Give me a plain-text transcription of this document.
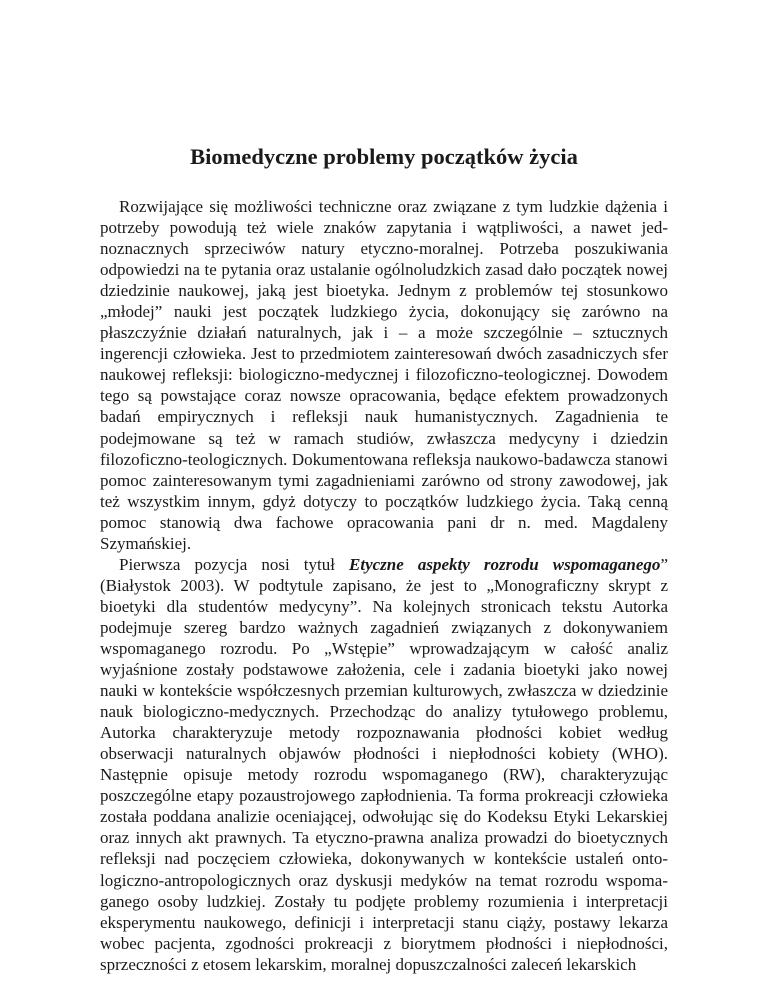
Biomedyczne problemy początków życia

Rozwijające się możliwości techniczne oraz związane z tym ludzkie dążenia i potrzeby powodują też wiele znaków zapytania i wątpliwości, a nawet jednoznacznych sprzeciwów natury etyczno-moralnej. Potrzeba poszukiwania odpowiedzi na te pytania oraz ustalanie ogólnoludzkich zasad dało początek nowej dziedzinie naukowej, jaką jest bioetyka. Jednym z problemów tej stosunkowo „młodej” nauki jest początek ludzkiego życia, dokonujący się zarówno na płaszczyźnie działań naturalnych, jak i – a może szczególnie – sztucznych ingerencji człowieka. Jest to przedmiotem zainteresowań dwóch zasadniczych sfer naukowej refleksji: biologiczno-medycznej i filozoficzno-teologicznej. Dowodem tego są powstające coraz nowsze opracowania, będące efektem prowadzonych badań empirycznych i refleksji nauk humanistycznych. Zagadnienia te podejmowane są też w ramach studiów, zwłaszcza medycyny i dziedzin filozoficzno-teologicznych. Dokumentowana refleksja naukowo-badawcza stanowi pomoc zainteresowanym tymi zagadnieniami zarówno od strony zawodowej, jak też wszystkim innym, gdyż dotyczy to początków ludzkiego życia. Taką cenną pomoc stanowią dwa fachowe opracowania pani dr n. med. Magdaleny Szymańskiej.

Pierwsza pozycja nosi tytuł Etyczne aspekty rozrodu wspomaganego” (Białystok 2003). W podtytule zapisano, że jest to „Monograficzny skrypt z bioetyki dla studentów medycyny”. Na kolejnych stronicach tekstu Autorka podejmuje szereg bardzo ważnych zagadnień związanych z dokonywaniem wspomaganego rozrodu. Po „Wstępie” wprowadzającym w całość analiz wyjaśnione zostały podstawowe założenia, cele i zadania bioetyki jako nowej nauki w kontekście współczesnych przemian kulturowych, zwłaszcza w dziedzinie nauk biologiczno-medycznych. Przechodząc do analizy tytułowego problemu, Autorka charakteryzuje metody rozpoznawania płodności kobiet według obserwacji naturalnych objawów płodności i niepłodności kobiety (WHO). Następnie opisuje metody rozrodu wspomaganego (RW), charakteryzując poszczególne etapy pozaustrojowego zapłodnienia. Ta forma prokreacji człowieka została poddana analizie oceniającej, odwołując się do Kodeksu Etyki Lekarskiej oraz innych akt prawnych. Ta etyczno-prawna analiza prowadzi do bioetycznych refleksji nad poczęciem człowieka, dokonywanych w kontekście ustaleń ontologiczno-antropologicznych oraz dyskusji medyków na temat rozrodu wspomaganego osoby ludzkiej. Zostały tu podjęte problemy rozumienia i interpretacji eksperymentu naukowego, definicji i interpretacji stanu ciąży, postawy lekarza wobec pacjenta, zgodności prokreacji z biorytmem płodności i niepłodności, sprzeczności z etosem lekarskim, moralnej dopuszczalności zaleceń lekarskich
